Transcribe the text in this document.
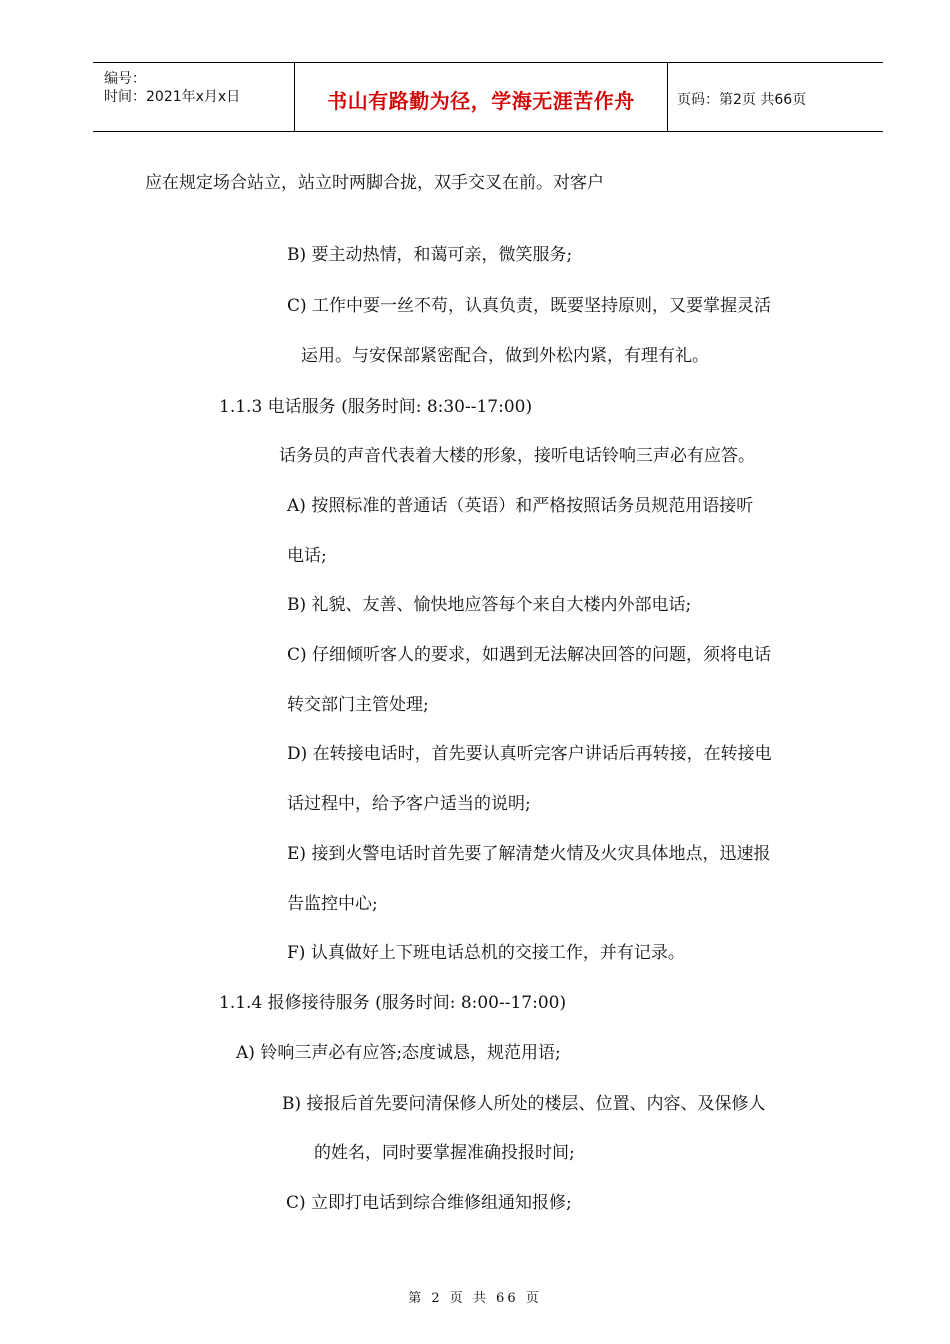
编号：
时间：2021年x月x日	书山有路勤为径，学海无涯苦作舟	页码：第2页 共66页
应在规定场合站立，站立时两脚合拢，双手交叉在前。对客户
B) 要主动热情，和蔼可亲，微笑服务;
C) 工作中要一丝不苟，认真负责，既要坚持原则，又要掌握灵活
运用。与安保部紧密配合，做到外松内紧，有理有礼。
1.1.3 电话服务 (服务时间: 8:30--17:00)
话务员的声音代表着大楼的形象，接听电话铃响三声必有应答。
A) 按照标准的普通话（英语）和严格按照话务员规范用语接听
电话;
B) 礼貌、友善、愉快地应答每个来自大楼内外部电话;
C) 仔细倾听客人的要求，如遇到无法解决回答的问题，须将电话
转交部门主管处理;
D) 在转接电话时，首先要认真听完客户讲话后再转接，在转接电
话过程中，给予客户适当的说明;
E) 接到火警电话时首先要了解清楚火情及火灾具体地点，迅速报
告监控中心;
F) 认真做好上下班电话总机的交接工作，并有记录。
1.1.4 报修接待服务 (服务时间: 8:00--17:00)
A) 铃响三声必有应答;态度诚恳，规范用语;
B) 接报后首先要问清保修人所处的楼层、位置、内容、及保修人
的姓名，同时要掌握准确投报时间;
C) 立即打电话到综合维修组通知报修;
第 2 页 共 66 页
